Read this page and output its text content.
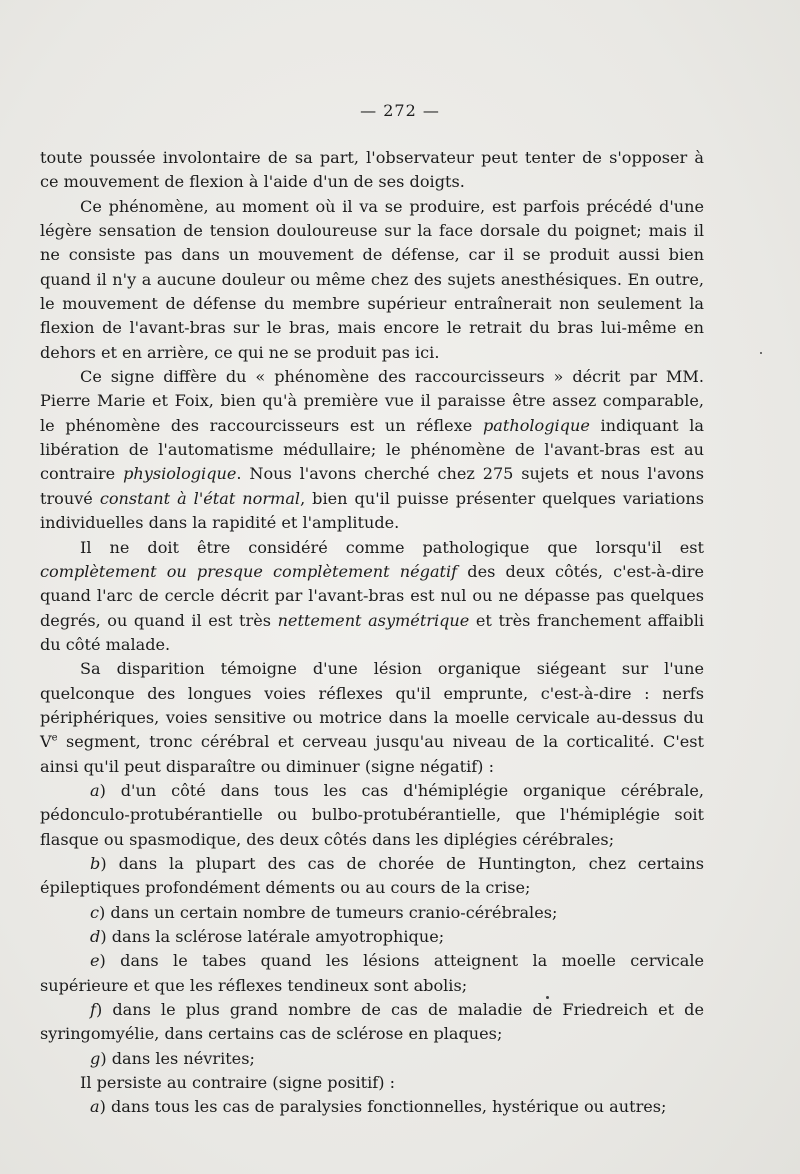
— 272 —

toute poussée involontaire de sa part, l'observateur peut tenter de s'opposer à ce mouvement de flexion à l'aide d'un de ses doigts.

Ce phénomène, au moment où il va se produire, est parfois précédé d'une légère sensation de tension douloureuse sur la face dorsale du poignet; mais il ne consiste pas dans un mouvement de défense, car il se produit aussi bien quand il n'y a aucune douleur ou même chez des sujets anesthésiques. En outre, le mouvement de défense du membre supérieur entraînerait non seulement la flexion de l'avant-bras sur le bras, mais encore le retrait du bras lui-même en dehors et en arrière, ce qui ne se produit pas ici.

Ce signe diffère du « phénomène des raccourcisseurs » décrit par MM. Pierre Marie et Foix, bien qu'à première vue il paraisse être assez comparable, le phénomène des raccourcisseurs est un réflexe pathologique indiquant la libération de l'automatisme médullaire; le phénomène de l'avant-bras est au contraire physiologique. Nous l'avons cherché chez 275 sujets et nous l'avons trouvé constant à l'état normal, bien qu'il puisse présenter quelques variations individuelles dans la rapidité et l'amplitude.

Il ne doit être considéré comme pathologique que lorsqu'il est complètement ou presque complètement négatif des deux côtés, c'est-à-dire quand l'arc de cercle décrit par l'avant-bras est nul ou ne dépasse pas quelques degrés, ou quand il est très nettement asymétrique et très franchement affaibli du côté malade.

Sa disparition témoigne d'une lésion organique siégeant sur l'une quelconque des longues voies réflexes qu'il emprunte, c'est-à-dire : nerfs périphériques, voies sensitive ou motrice dans la moelle cervicale au-dessus du Ve segment, tronc cérébral et cerveau jusqu'au niveau de la corticalité. C'est ainsi qu'il peut disparaître ou diminuer (signe négatif) :

a) d'un côté dans tous les cas d'hémiplégie organique cérébrale, pédonculo-protubérantielle ou bulbo-protubérantielle, que l'hémiplégie soit flasque ou spasmodique, des deux côtés dans les diplégies cérébrales;

b) dans la plupart des cas de chorée de Huntington, chez certains épileptiques profondément déments ou au cours de la crise;

c) dans un certain nombre de tumeurs cranio-cérébrales;

d) dans la sclérose latérale amyotrophique;

e) dans le tabes quand les lésions atteignent la moelle cervicale supérieure et que les réflexes tendineux sont abolis;

f) dans le plus grand nombre de cas de maladie de Friedreich et de syringomyélie, dans certains cas de sclérose en plaques;

g) dans les névrites;

Il persiste au contraire (signe positif) :

a) dans tous les cas de paralysies fonctionnelles, hystérique ou autres;
